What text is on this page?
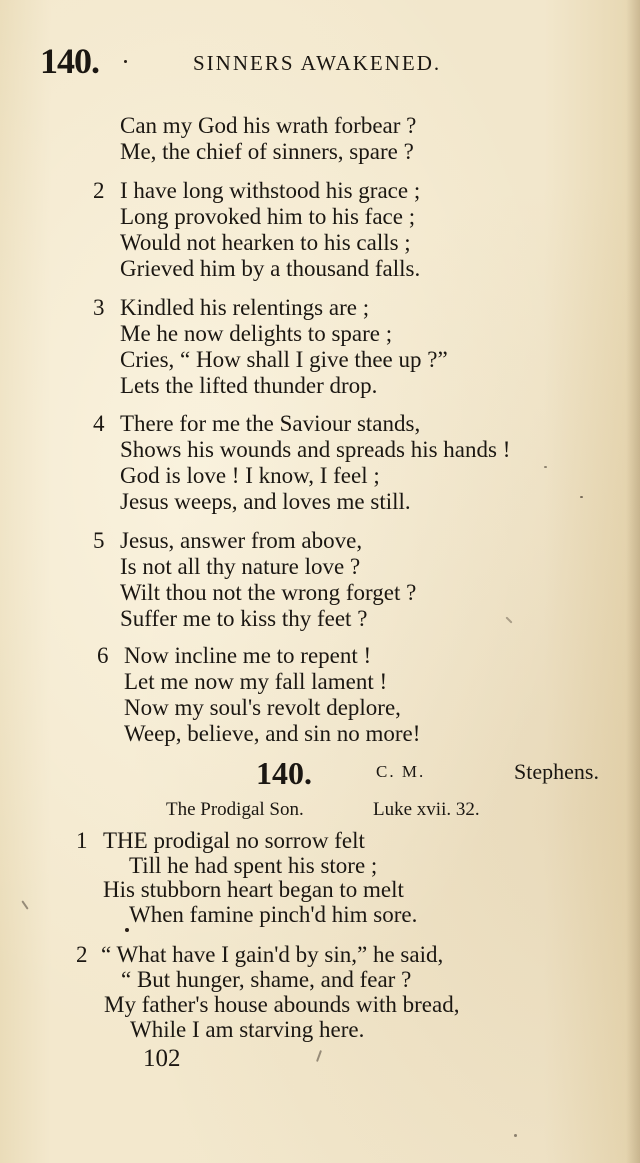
140.	SINNERS AWAKENED.
Can my God his wrath forbear ?
Me, the chief of sinners, spare ?
2 I have long withstood his grace ;
Long provoked him to his face ;
Would not hearken to his calls ;
Grieved him by a thousand falls.
3 Kindled his relentings are ;
Me he now delights to spare ;
Cries, “ How shall I give thee up ?”
Lets the lifted thunder drop.
4 There for me the Saviour stands,
Shows his wounds and spreads his hands !
God is love ! I know, I feel ;
Jesus weeps, and loves me still.
5 Jesus, answer from above,
Is not all thy nature love ?
Wilt thou not the wrong forget ?
Suffer me to kiss thy feet ?
6 Now incline me to repent !
Let me now my fall lament !
Now my soul's revolt deplore,
Weep, believe, and sin no more!
140.	C. M.	Stephens.
The Prodigal Son.	Luke xvii. 32.
1 THE prodigal no sorrow felt
Till he had spent his store ;
His stubborn heart began to melt
When famine pinch'd him sore.
2 “ What have I gain'd by sin,” he said,
“ But hunger, shame, and fear ?
My father's house abounds with bread,
While I am starving here.
102
